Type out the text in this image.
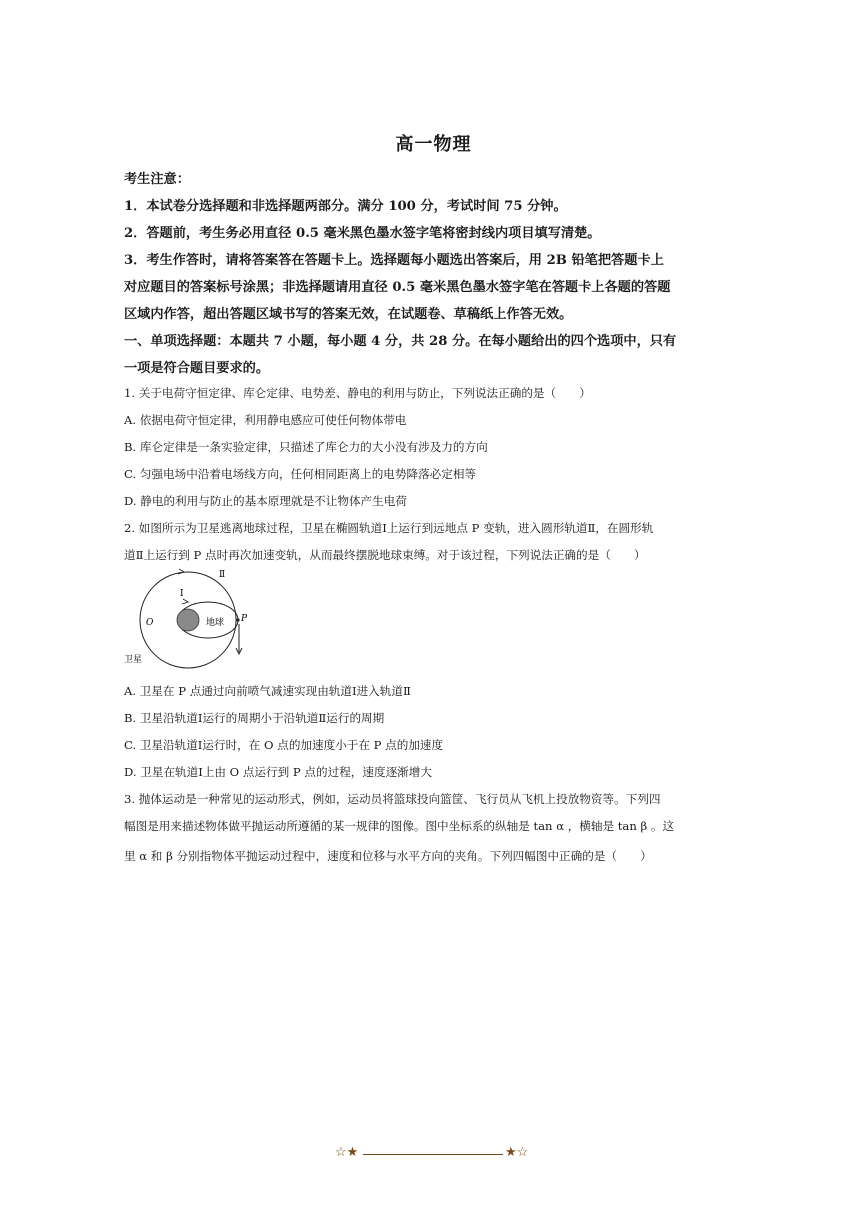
高一物理
考生注意：
1．本试卷分选择题和非选择题两部分。满分 100 分，考试时间 75 分钟。
2．答题前，考生务必用直径 0.5 毫米黑色墨水签字笔将密封线内项目填写清楚。
3．考生作答时，请将答案答在答题卡上。选择题每小题选出答案后，用 2B 铅笔把答题卡上
对应题目的答案标号涂黑；非选择题请用直径 0.5 毫米黑色墨水签字笔在答题卡上各题的答题
区域内作答，超出答题区域书写的答案无效，在试题卷、草稿纸上作答无效。
一、单项选择题：本题共 7 小题，每小题 4 分，共 28 分。在每小题给出的四个选项中，只有
一项是符合题目要求的。
1. 关于电荷守恒定律、库仑定律、电势差、静电的利用与防止，下列说法正确的是（　　）
A. 依据电荷守恒定律，利用静电感应可使任何物体带电
B. 库仑定律是一条实验定律，只描述了库仑力的大小没有涉及力的方向
C. 匀强电场中沿着电场线方向，任何相同距离上的电势降落必定相等
D. 静电的利用与防止的基本原理就是不让物体产生电荷
2. 如图所示为卫星逃离地球过程，卫星在椭圆轨道Ⅰ上运行到远地点 P 变轨，进入圆形轨道Ⅱ，在圆形轨
道Ⅱ上运行到 P 点时再次加速变轨，从而最终摆脱地球束缚。对于该过程，下列说法正确的是（　　）
Ⅱ
Ⅰ
O	P
地球
卫星
A. 卫星在 P 点通过向前喷气减速实现由轨道Ⅰ进入轨道Ⅱ
B. 卫星沿轨道Ⅰ运行的周期小于沿轨道Ⅱ运行的周期
C. 卫星沿轨道Ⅰ运行时，在 O 点的加速度小于在 P 点的加速度
D. 卫星在轨道Ⅰ上由 O 点运行到 P 点的过程，速度逐渐增大
3. 抛体运动是一种常见的运动形式，例如，运动员将篮球投向篮筐、飞行员从飞机上投放物资等。下列四
幅图是用来描述物体做平抛运动所遵循的某一规律的图像。图中坐标系的纵轴是 tan α ，横轴是 tan β 。这
里 α 和 β 分别指物体平抛运动过程中，速度和位移与水平方向的夹角。下列四幅图中正确的是（　　）
☆★	★☆
